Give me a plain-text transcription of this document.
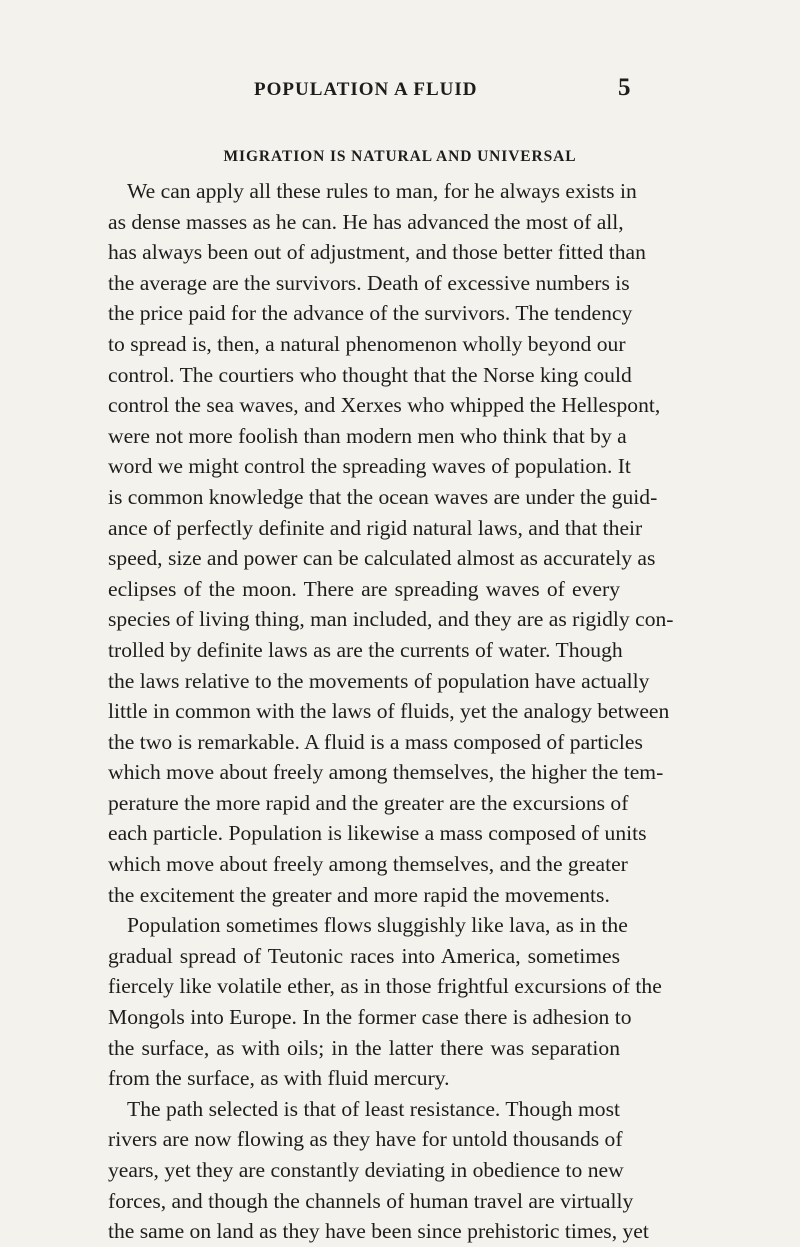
POPULATION A FLUID	5
MIGRATION IS NATURAL AND UNIVERSAL
We can apply all these rules to man, for he always exists in
as dense masses as he can. He has advanced the most of all,
has always been out of adjustment, and those better fitted than
the average are the survivors. Death of excessive numbers is
the price paid for the advance of the survivors. The tendency
to spread is, then, a natural phenomenon wholly beyond our
control. The courtiers who thought that the Norse king could
control the sea waves, and Xerxes who whipped the Hellespont,
were not more foolish than modern men who think that by a
word we might control the spreading waves of population. It
is common knowledge that the ocean waves are under the guid-
ance of perfectly definite and rigid natural laws, and that their
speed, size and power can be calculated almost as accurately as
eclipses of the moon. There are spreading waves of every
species of living thing, man included, and they are as rigidly con-
trolled by definite laws as are the currents of water. Though
the laws relative to the movements of population have actually
little in common with the laws of fluids, yet the analogy between
the two is remarkable. A fluid is a mass composed of particles
which move about freely among themselves, the higher the tem-
perature the more rapid and the greater are the excursions of
each particle. Population is likewise a mass composed of units
which move about freely among themselves, and the greater
the excitement the greater and more rapid the movements.
Population sometimes flows sluggishly like lava, as in the
gradual spread of Teutonic races into America, sometimes
fiercely like volatile ether, as in those frightful excursions of the
Mongols into Europe. In the former case there is adhesion to
the surface, as with oils; in the latter there was separation
from the surface, as with fluid mercury.
The path selected is that of least resistance. Though most
rivers are now flowing as they have for untold thousands of
years, yet they are constantly deviating in obedience to new
forces, and though the channels of human travel are virtually
the same on land as they have been since prehistoric times, yet
